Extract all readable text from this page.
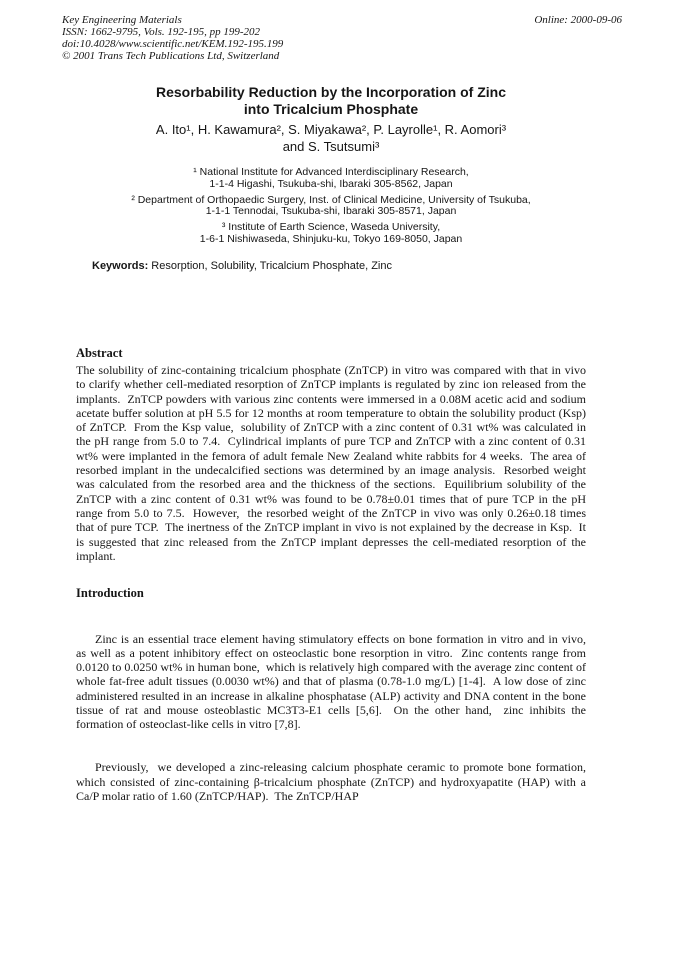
Key Engineering Materials
ISSN: 1662-9795, Vols. 192-195, pp 199-202
doi:10.4028/www.scientific.net/KEM.192-195.199
© 2001 Trans Tech Publications Ltd, Switzerland
Online: 2000-09-06
Resorbability Reduction by the Incorporation of Zinc
into Tricalcium Phosphate
A. Ito¹, H. Kawamura², S. Miyakawa², P. Layrolle¹, R. Aomori³
and S. Tsutsumi³
¹ National Institute for Advanced Interdisciplinary Research,
1-1-4 Higashi, Tsukuba-shi, Ibaraki 305-8562, Japan
² Department of Orthopaedic Surgery, Inst. of Clinical Medicine, University of Tsukuba,
1-1-1 Tennodai, Tsukuba-shi, Ibaraki 305-8571, Japan
³ Institute of Earth Science, Waseda University,
1-6-1 Nishiwaseda, Shinjuku-ku, Tokyo 169-8050, Japan
Keywords: Resorption, Solubility, Tricalcium Phosphate, Zinc
Abstract
The solubility of zinc-containing tricalcium phosphate (ZnTCP) in vitro was compared with that in vivo to clarify whether cell-mediated resorption of ZnTCP implants is regulated by zinc ion released from the implants.  ZnTCP powders with various zinc contents were immersed in a 0.08M acetic acid and sodium acetate buffer solution at pH 5.5 for 12 months at room temperature to obtain the solubility product (Ksp) of ZnTCP.  From the Ksp value,  solubility of ZnTCP with a zinc content of 0.31 wt% was calculated in the pH range from 5.0 to 7.4.  Cylindrical implants of pure TCP and ZnTCP with a zinc content of 0.31 wt% were implanted in the femora of adult female New Zealand white rabbits for 4 weeks.  The area of resorbed implant in the undecalcified sections was determined by an image analysis.  Resorbed weight was calculated from the resorbed area and the thickness of the sections.  Equilibrium solubility of the ZnTCP with a zinc content of 0.31 wt% was found to be 0.78±0.01 times that of pure TCP in the pH range from 5.0 to 7.5.  However,  the resorbed weight of the ZnTCP in vivo was only 0.26±0.18 times that of pure TCP.  The inertness of the ZnTCP implant in vivo is not explained by the decrease in Ksp.  It is suggested that zinc released from the ZnTCP implant depresses the cell-mediated resorption of the implant.
Introduction

Zinc is an essential trace element having stimulatory effects on bone formation in vitro and in vivo,  as well as a potent inhibitory effect on osteoclastic bone resorption in vitro.  Zinc contents range from 0.0120 to 0.0250 wt% in human bone,  which is relatively high compared with the average zinc content of whole fat-free adult tissues (0.0030 wt%) and that of plasma (0.78-1.0 mg/L) [1-4].  A low dose of zinc administered resulted in an increase in alkaline phosphatase (ALP) activity and DNA content in the bone tissue of rat and mouse osteoblastic MC3T3-E1 cells [5,6].  On the other hand,  zinc inhibits the formation of osteoclast-like cells in vitro [7,8].

Previously,  we developed a zinc-releasing calcium phosphate ceramic to promote bone formation,  which consisted of zinc-containing β-tricalcium phosphate (ZnTCP) and hydroxyapatite (HAP) with a Ca/P molar ratio of 1.60 (ZnTCP/HAP).  The ZnTCP/HAP
